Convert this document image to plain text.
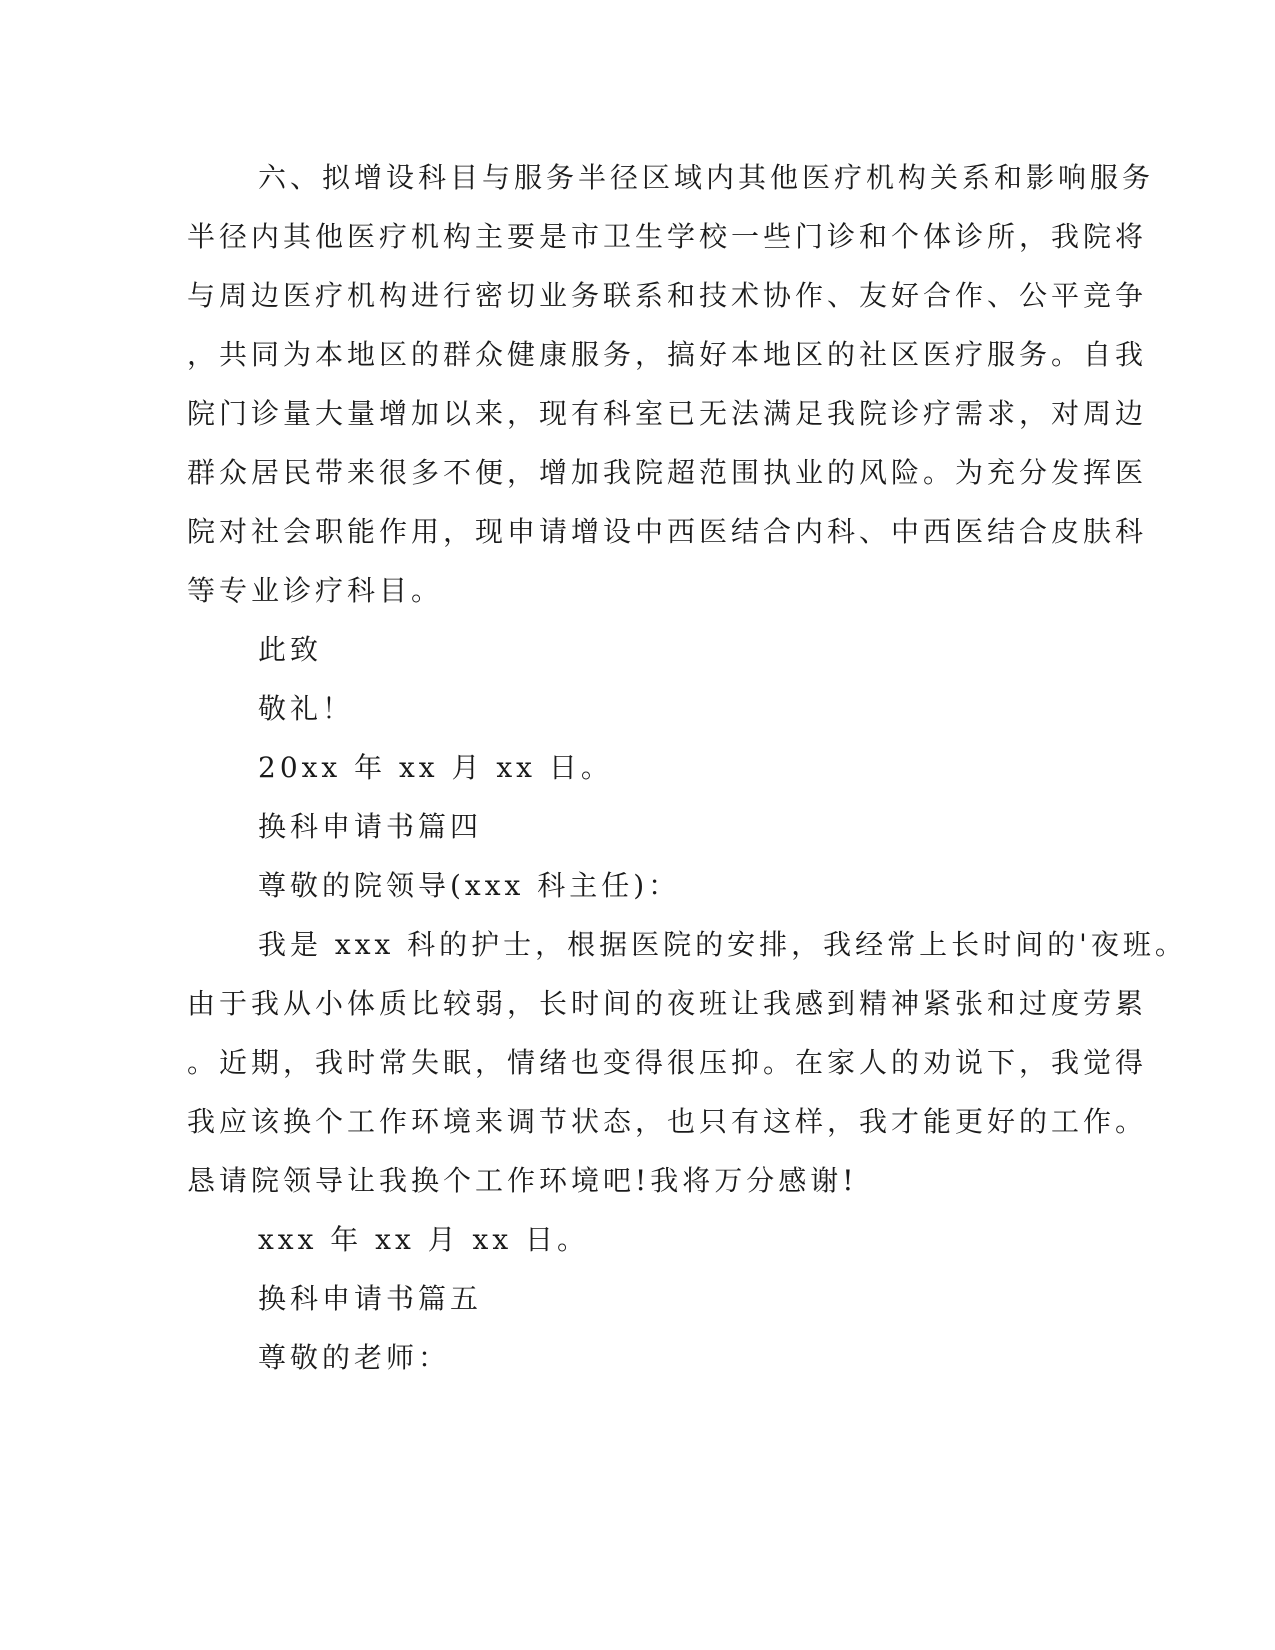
六、拟增设科目与服务半径区域内其他医疗机构关系和影响服务
半径内其他医疗机构主要是市卫生学校一些门诊和个体诊所，我院将
与周边医疗机构进行密切业务联系和技术协作、友好合作、公平竞争
，共同为本地区的群众健康服务，搞好本地区的社区医疗服务。自我
院门诊量大量增加以来，现有科室已无法满足我院诊疗需求，对周边
群众居民带来很多不便，增加我院超范围执业的风险。为充分发挥医
院对社会职能作用，现申请增设中西医结合内科、中西医结合皮肤科
等专业诊疗科目。
此致
敬礼！
20xx 年 xx 月 xx 日。
换科申请书篇四
尊敬的院领导(xxx 科主任)：
我是 xxx 科的护士，根据医院的安排，我经常上长时间的'夜班。
由于我从小体质比较弱，长时间的夜班让我感到精神紧张和过度劳累
。近期，我时常失眠，情绪也变得很压抑。在家人的劝说下，我觉得
我应该换个工作环境来调节状态，也只有这样，我才能更好的工作。
恳请院领导让我换个工作环境吧!我将万分感谢!
xxx 年 xx 月 xx 日。
换科申请书篇五
尊敬的老师：
